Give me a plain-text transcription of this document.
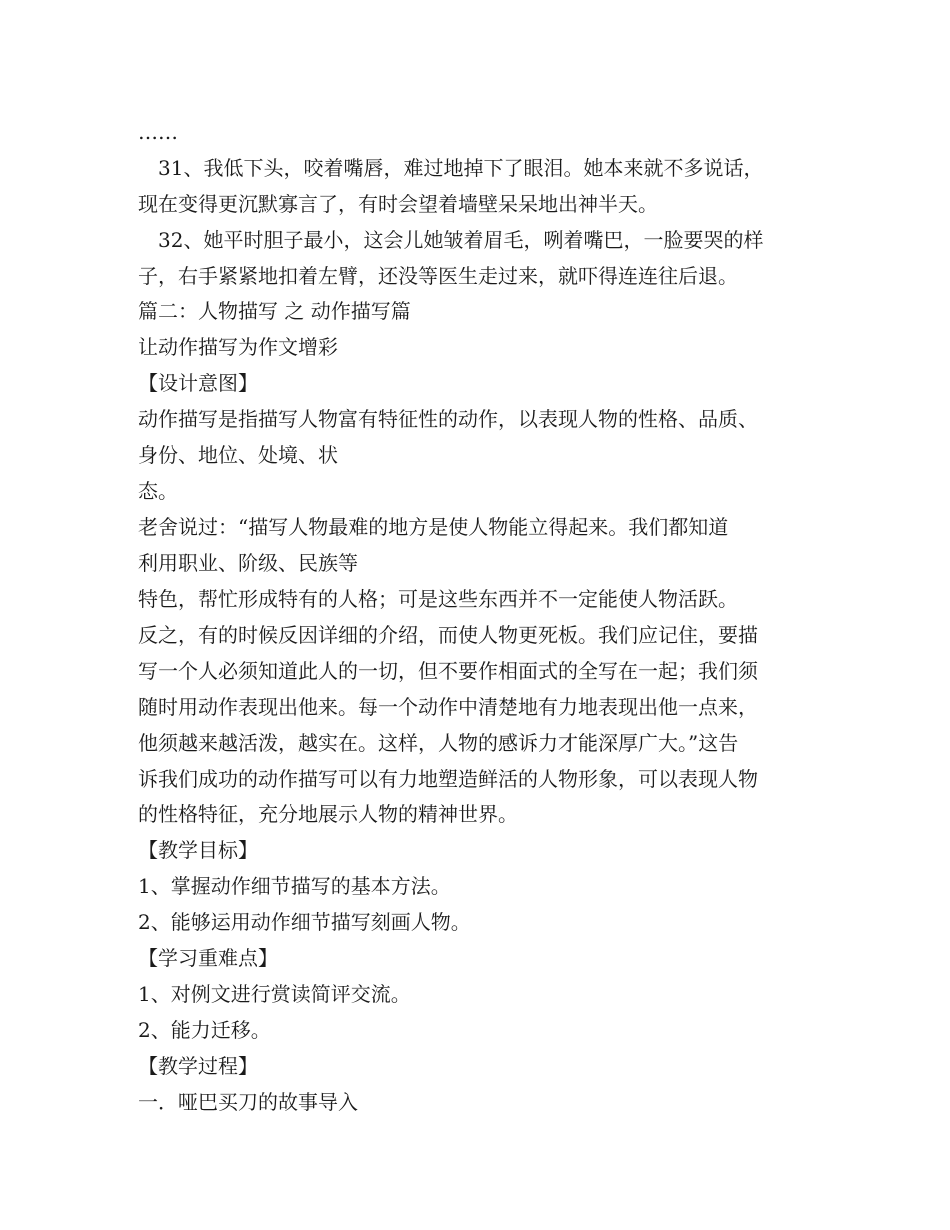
……
　31、我低下头，咬着嘴唇，难过地掉下了眼泪。她本来就不多说话，
现在变得更沉默寡言了，有时会望着墙壁呆呆地出神半天。
　32、她平时胆子最小，这会儿她皱着眉毛，咧着嘴巴，一脸要哭的样
子，右手紧紧地扣着左臂，还没等医生走过来，就吓得连连往后退。
篇二：人物描写 之 动作描写篇
让动作描写为作文增彩
【设计意图】
动作描写是指描写人物富有特征性的动作，以表现人物的性格、品质、
身份、地位、处境、状
态。
老舍说过：“描写人物最难的地方是使人物能立得起来。我们都知道
利用职业、阶级、民族等
特色，帮忙形成特有的人格；可是这些东西并不一定能使人物活跃。
反之，有的时候反因详细的介绍，而使人物更死板。我们应记住，要描
写一个人必须知道此人的一切，但不要作相面式的全写在一起；我们须
随时用动作表现出他来。每一个动作中清楚地有力地表现出他一点来，
他须越来越活泼，越实在。这样，人物的感诉力才能深厚广大。”这告
诉我们成功的动作描写可以有力地塑造鲜活的人物形象，可以表现人物
的性格特征，充分地展示人物的精神世界。
【教学目标】
1、掌握动作细节描写的基本方法。
2、能够运用动作细节描写刻画人物。
【学习重难点】
1、对例文进行赏读简评交流。
2、能力迁移。
【教学过程】
一．哑巴买刀的故事导入
